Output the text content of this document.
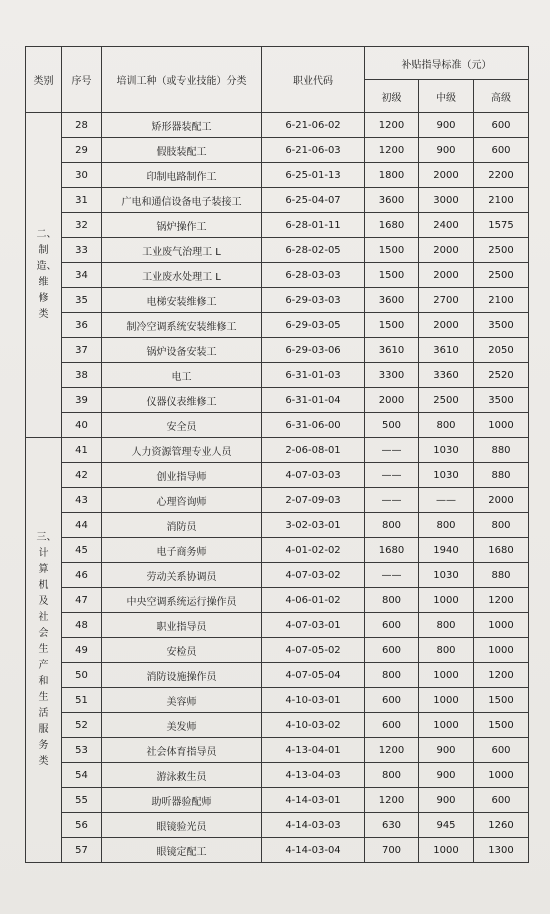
类别	序号	培训工种（或专业技能）分类	职业代码	补贴指导标准（元）		
				初级	中级	高级
二、制造、维修类	28	矫形器装配工	6-21-06-02	1200	900	600
	29	假肢装配工	6-21-06-03	1200	900	600
	30	印制电路制作工	6-25-01-13	1800	2000	2200
	31	广电和通信设备电子装接工	6-25-04-07	3600	3000	2100
	32	锅炉操作工	6-28-01-11	1680	2400	1575
	33	工业废气治理工 L	6-28-02-05	1500	2000	2500
	34	工业废水处理工 L	6-28-03-03	1500	2000	2500
	35	电梯安装维修工	6-29-03-03	3600	2700	2100
	36	制冷空调系统安装维修工	6-29-03-05	1500	2000	3500
	37	锅炉设备安装工	6-29-03-06	3610	3610	2050
	38	电工	6-31-01-03	3300	3360	2520
	39	仪器仪表维修工	6-31-01-04	2000	2500	3500
	40	安全员	6-31-06-00	500	800	1000
三、计算机及社会生产和生活服务类	41	人力资源管理专业人员	2-06-08-01	——	1030	880
	42	创业指导师	4-07-03-03	——	1030	880
	43	心理咨询师	2-07-09-03	——	——	2000
	44	消防员	3-02-03-01	800	800	800
	45	电子商务师	4-01-02-02	1680	1940	1680
	46	劳动关系协调员	4-07-03-02	——	1030	880
	47	中央空调系统运行操作员	4-06-01-02	800	1000	1200
	48	职业指导员	4-07-03-01	600	800	1000
	49	安检员	4-07-05-02	600	800	1000
	50	消防设施操作员	4-07-05-04	800	1000	1200
	51	美容师	4-10-03-01	600	1000	1500
	52	美发师	4-10-03-02	600	1000	1500
	53	社会体育指导员	4-13-04-01	1200	900	600
	54	游泳救生员	4-13-04-03	800	900	1000
	55	助听器验配师	4-14-03-01	1200	900	600
	56	眼镜验光员	4-14-03-03	630	945	1260
	57	眼镜定配工	4-14-03-04	700	1000	1300
